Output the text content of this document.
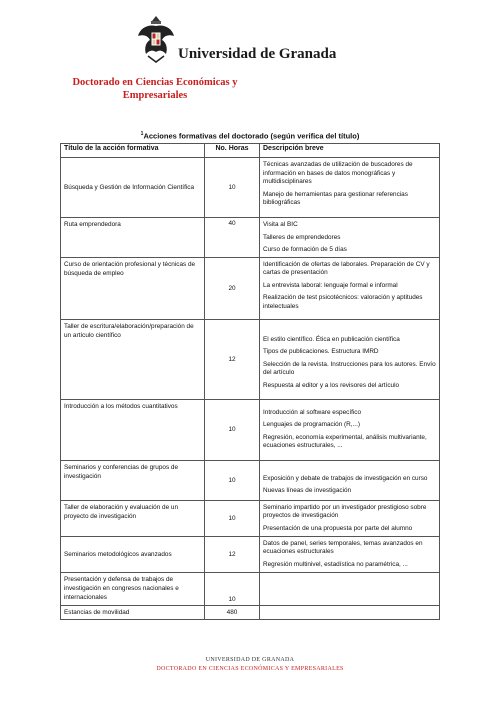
Universidad de Granada
Doctorado en Ciencias Económicas y
Empresariales
$^1$Acciones formativas del doctorado (según verifica del título)
Título de la acción formativa	No. Horas	Descripción breve
Búsqueda y Gestión de Información Científica	10	Técnicas avanzadas de utilización de buscadores de información en bases de datos monográficas y multidisciplinares

Manejo de herramientas para gestionar referencias bibliográficas

Ruta emprendedora	40	Visita al BIC

Talleres de emprendedores

Curso de formación de 5 días

Curso de orientación profesional y técnicas de búsqueda de empleo	20	Identificación de ofertas de laborales. Preparación de CV y cartas de presentación

La entrevista laboral: lenguaje formal e informal

Realización de test psicotécnicos: valoración y aptitudes intelectuales

Taller de escritura/elaboración/preparación de un artículo científico	12	El estilo científico. Ética en publicación científica

Tipos de publicaciones. Estructura IMRD

Selección de la revista. Instrucciones para los autores. Envío del artículo

Respuesta al editor y a los revisores del artículo

Introducción a los métodos cuantitativos	10	Introducción al software específico

Lenguajes de programación (R,...)

Regresión, economía experimental, análisis multivariante, ecuaciones estructurales, ...

Seminarios y conferencias de grupos de investigación	10	Exposición y debate de trabajos de investigación en curso

Nuevas líneas de investigación

Taller de elaboración y evaluación de un proyecto de investigación	10	Seminario impartido por un investigador prestigioso sobre proyectos de investigación

Presentación de una propuesta por parte del alumno

Seminarios metodológicos avanzados	12	Datos de panel, series temporales, temas avanzados en ecuaciones estructurales

Regresión multinivel, estadística no paramétrica, ...

Presentación y defensa de trabajos de investigación en congresos nacionales e internacionales	10	
Estancias de movilidad	480	
UNIVERSIDAD DE GRANADA
DOCTORADO EN CIENCIAS ECONÓMICAS Y EMPRESARIALES
